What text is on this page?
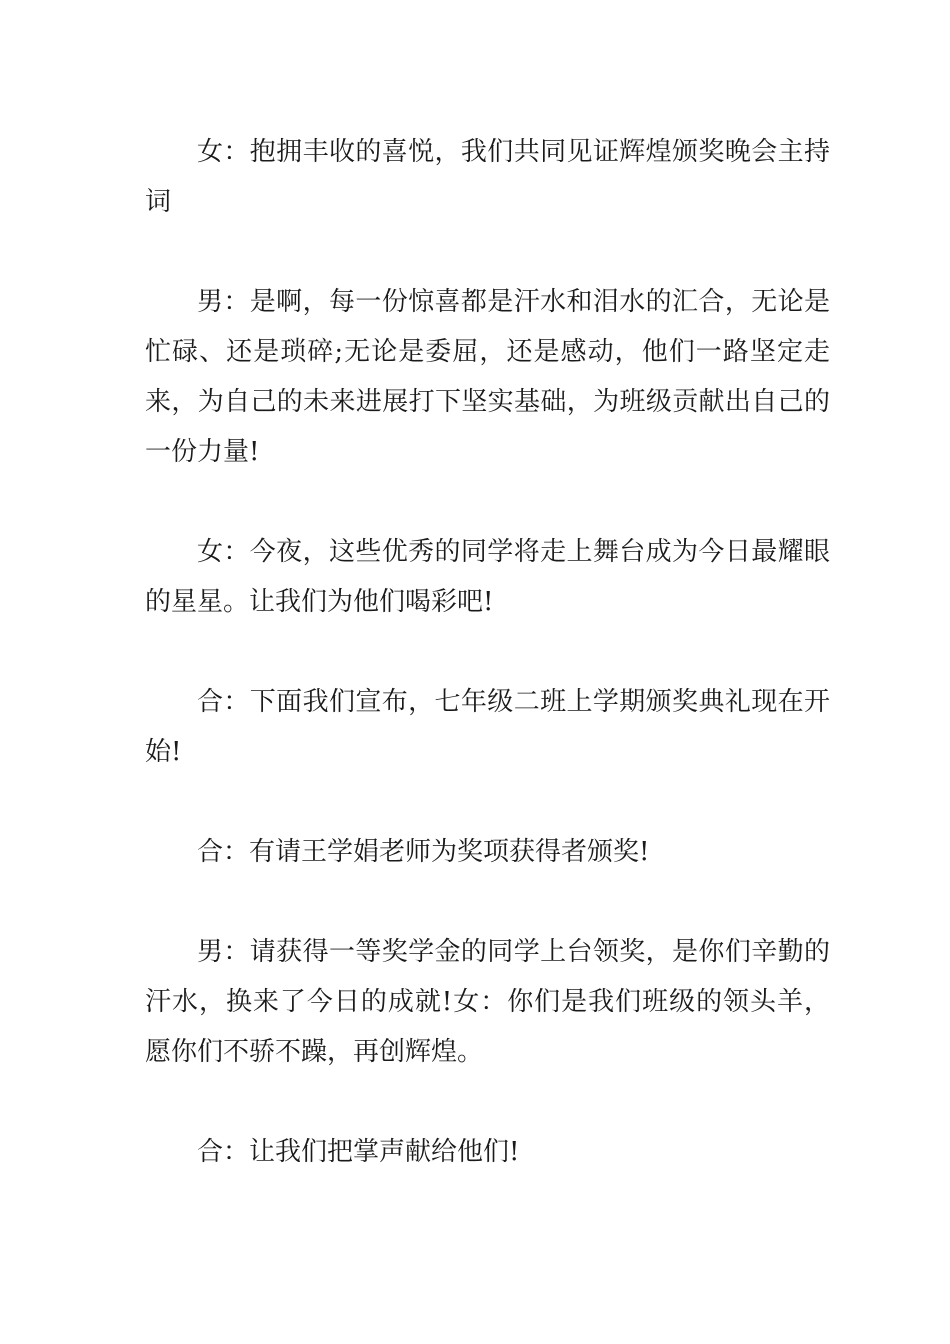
女：抱拥丰收的喜悦，我们共同见证辉煌颁奖晚会主持词

男：是啊，每一份惊喜都是汗水和泪水的汇合，无论是忙碌、还是琐碎;无论是委屈，还是感动，他们一路坚定走来，为自己的未来进展打下坚实基础，为班级贡献出自己的一份力量!

女：今夜，这些优秀的同学将走上舞台成为今日最耀眼的星星。让我们为他们喝彩吧!

合：下面我们宣布，七年级二班上学期颁奖典礼现在开始!

合：有请王学娟老师为奖项获得者颁奖!

男：请获得一等奖学金的同学上台领奖，是你们辛勤的汗水，换来了今日的成就!女：你们是我们班级的领头羊，愿你们不骄不躁，再创辉煌。

合：让我们把掌声献给他们!
